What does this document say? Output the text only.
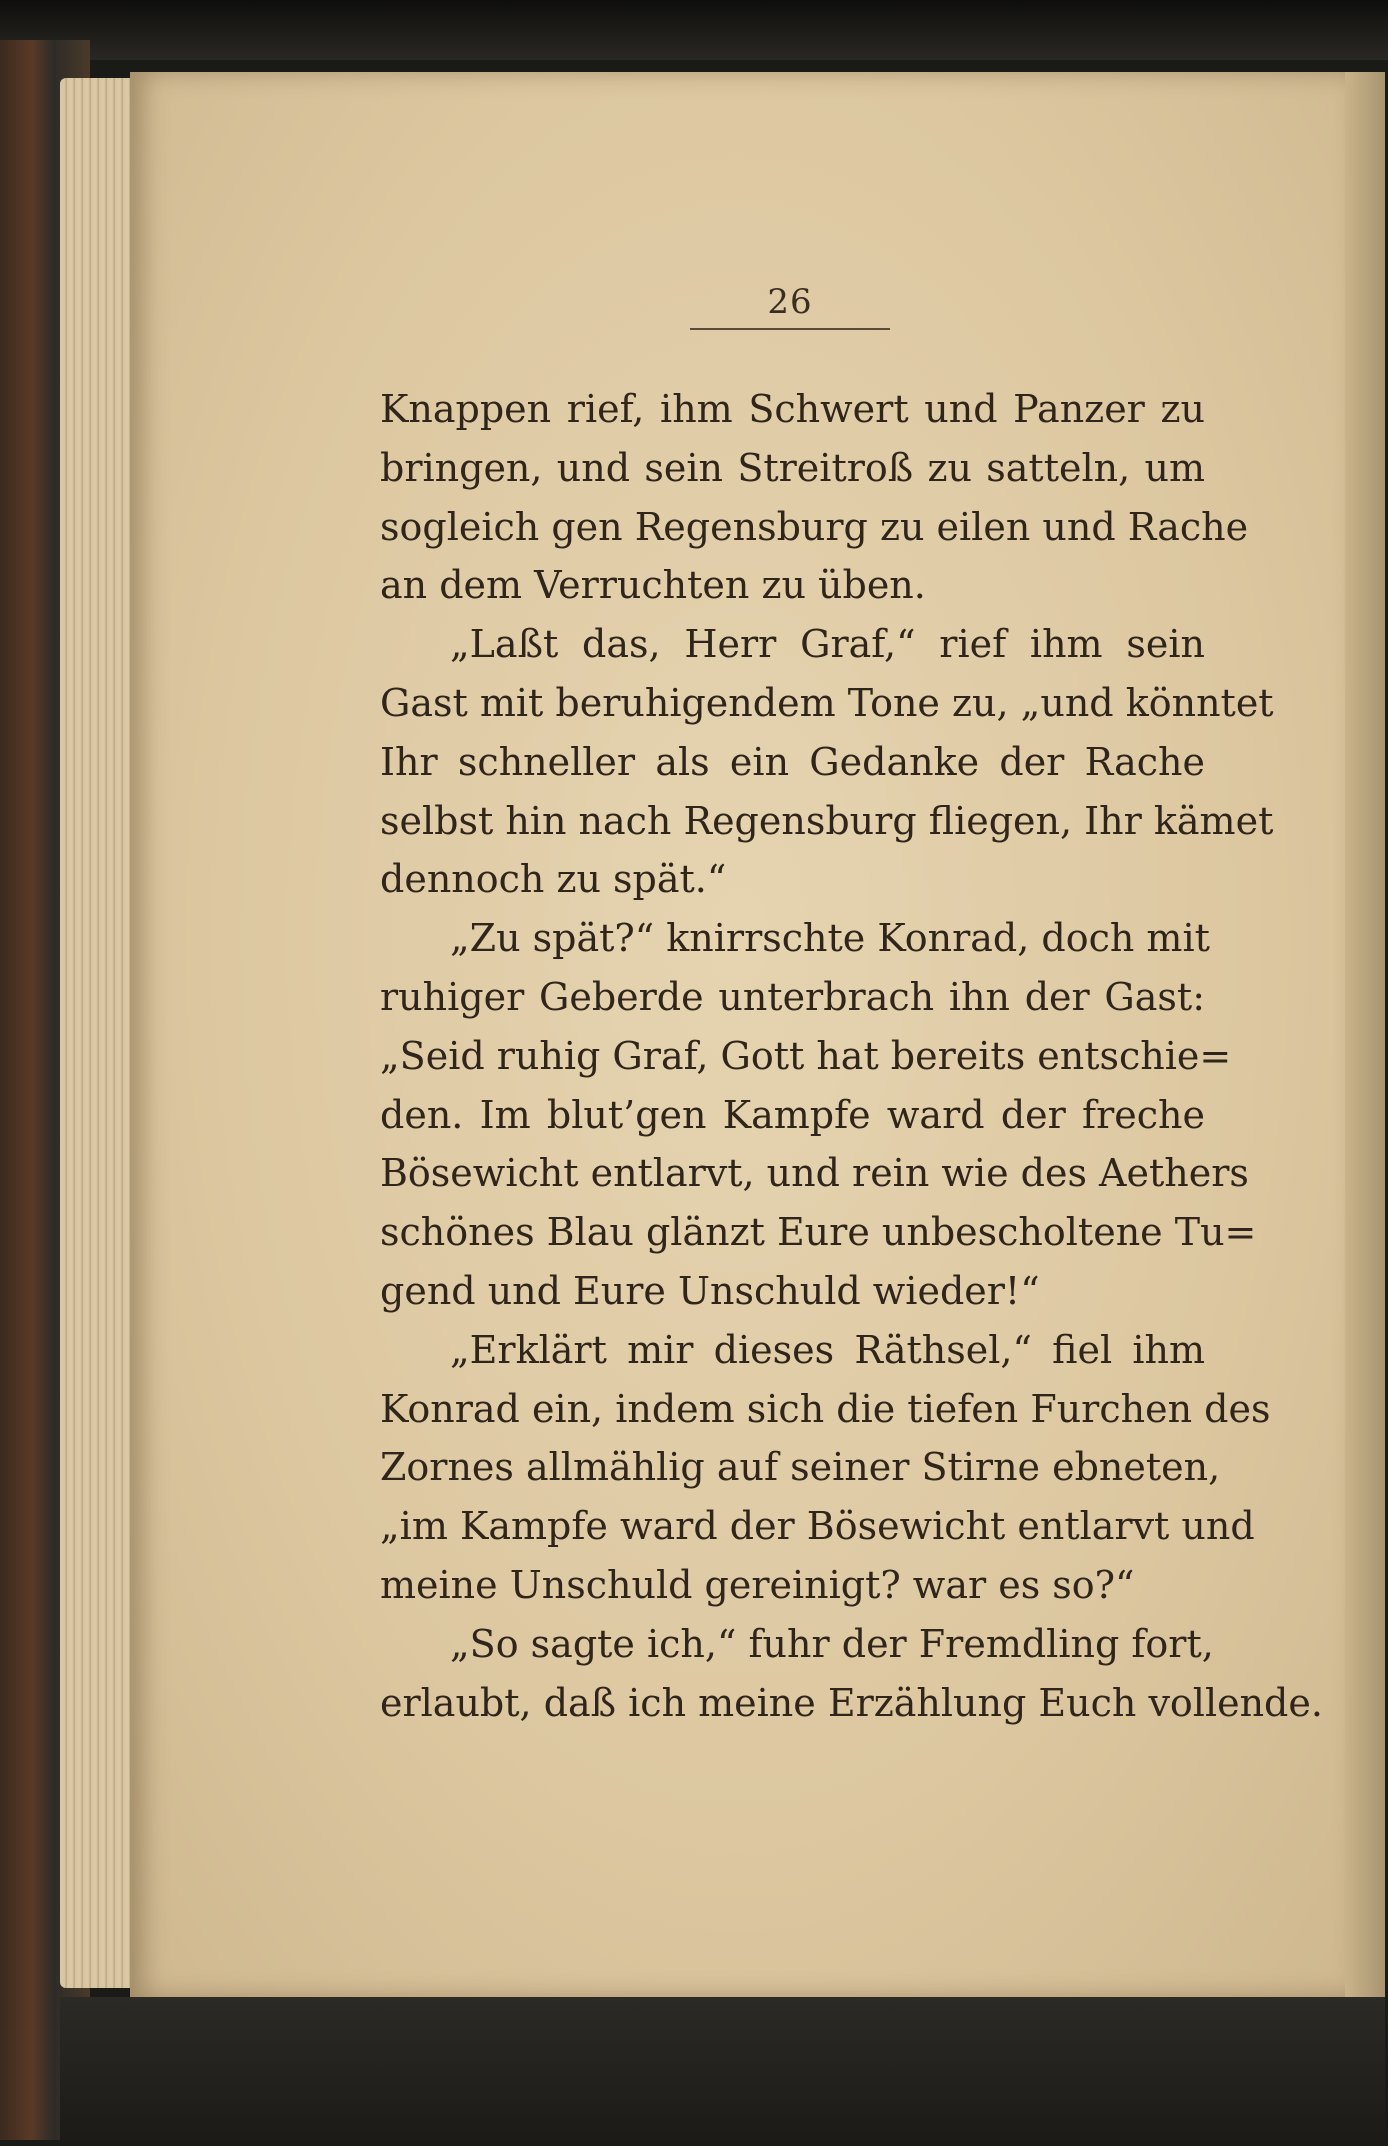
26
Knappen rief, ihm Schwert und Panzer zu
bringen, und sein Streitroß zu satteln, um
sogleich gen Regensburg zu eilen und Rache
an dem Verruchten zu üben.
„Laßt das, Herr Graf,“ rief ihm sein
Gast mit beruhigendem Tone zu, „und könntet
Ihr schneller als ein Gedanke der Rache
selbst hin nach Regensburg fliegen, Ihr kämet
dennoch zu spät.“
„Zu spät?“ knirrschte Konrad, doch mit
ruhiger Geberde unterbrach ihn der Gast:
„Seid ruhig Graf, Gott hat bereits entschie=
den. Im blut’gen Kampfe ward der freche
Bösewicht entlarvt, und rein wie des Aethers
schönes Blau glänzt Eure unbescholtene Tu=
gend und Eure Unschuld wieder!“
„Erklärt mir dieses Räthsel,“ fiel ihm
Konrad ein, indem sich die tiefen Furchen des
Zornes allmählig auf seiner Stirne ebneten,
„im Kampfe ward der Bösewicht entlarvt und
meine Unschuld gereinigt? war es so?“
„So sagte ich,“ fuhr der Fremdling fort,
erlaubt, daß ich meine Erzählung Euch vollende.
